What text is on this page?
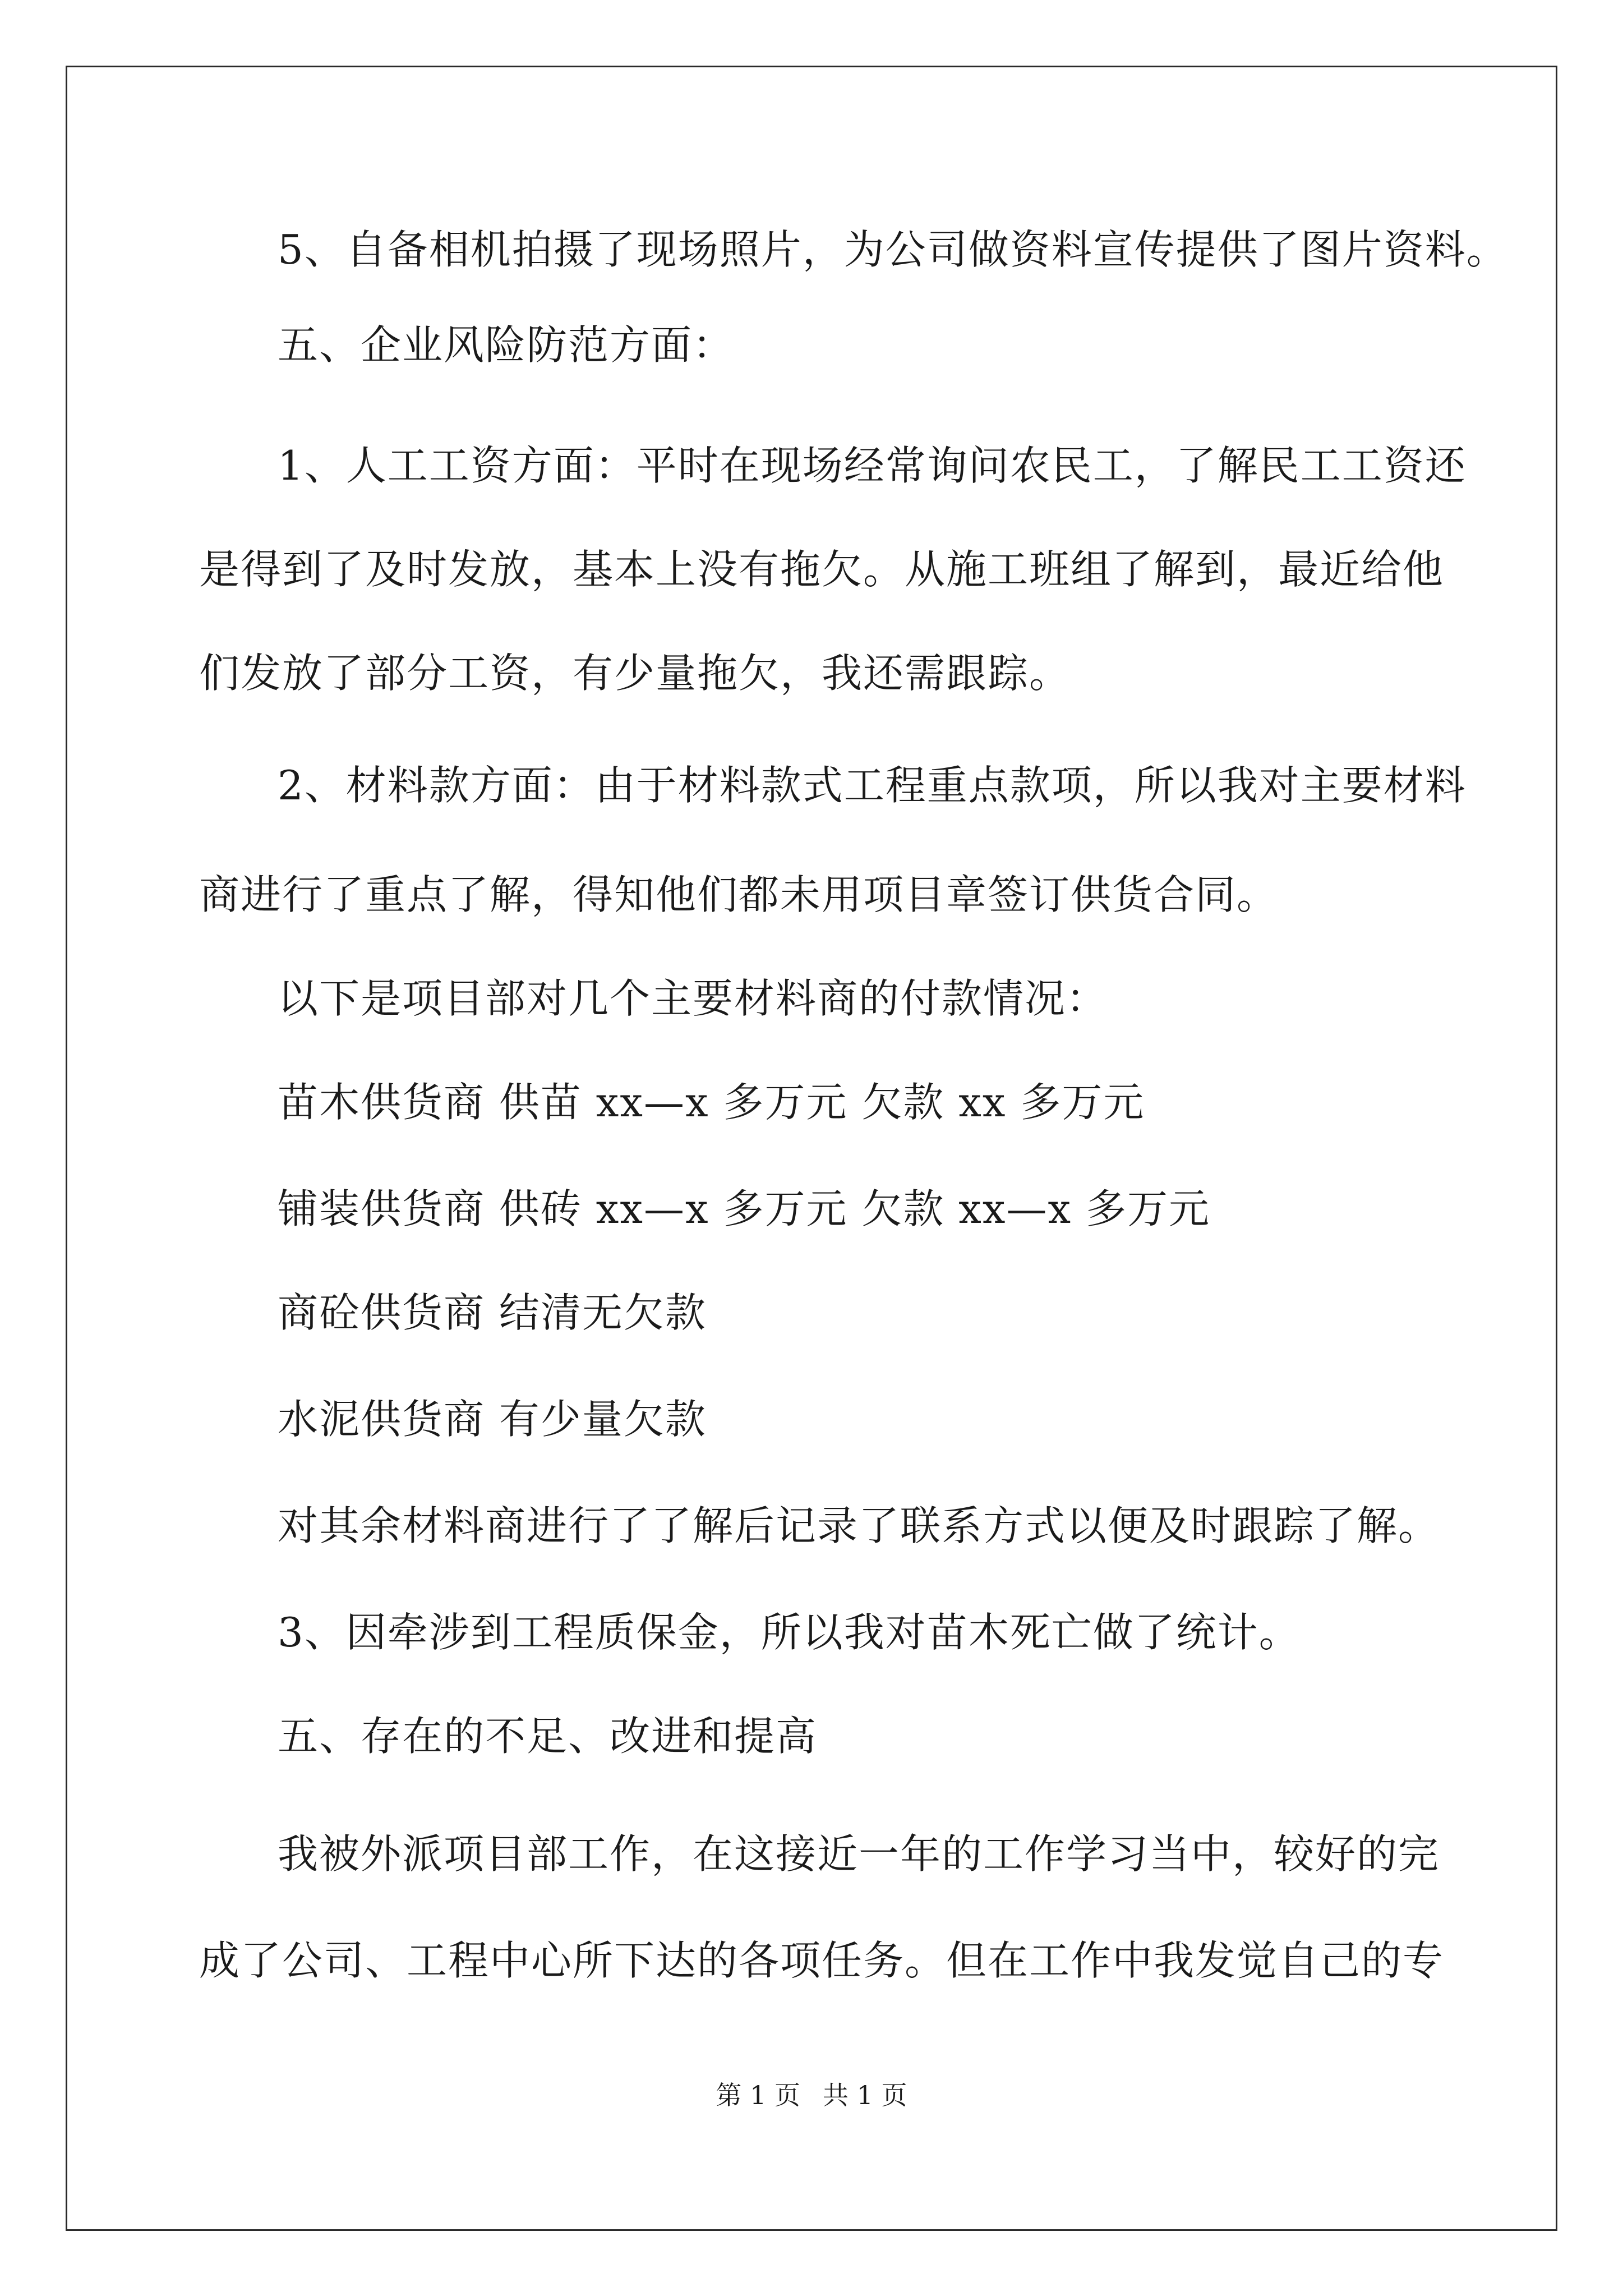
5、自备相机拍摄了现场照片，为公司做资料宣传提供了图片资料。
五、企业风险防范方面：
1、人工工资方面：平时在现场经常询问农民工，了解民工工资还
是得到了及时发放，基本上没有拖欠。从施工班组了解到，最近给他
们发放了部分工资，有少量拖欠，我还需跟踪。
2、材料款方面：由于材料款式工程重点款项，所以我对主要材料
商进行了重点了解，得知他们都未用项目章签订供货合同。
以下是项目部对几个主要材料商的付款情况：
苗木供货商 供苗 xx—x 多万元 欠款 xx 多万元
铺装供货商 供砖 xx—x 多万元 欠款 xx—x 多万元
商砼供货商 结清无欠款
水泥供货商 有少量欠款
对其余材料商进行了了解后记录了联系方式以便及时跟踪了解。
3、因牵涉到工程质保金，所以我对苗木死亡做了统计。
五、存在的不足、改进和提高
我被外派项目部工作，在这接近一年的工作学习当中，较好的完
成了公司、工程中心所下达的各项任务。但在工作中我发觉自己的专
第 1 页 共 1 页
